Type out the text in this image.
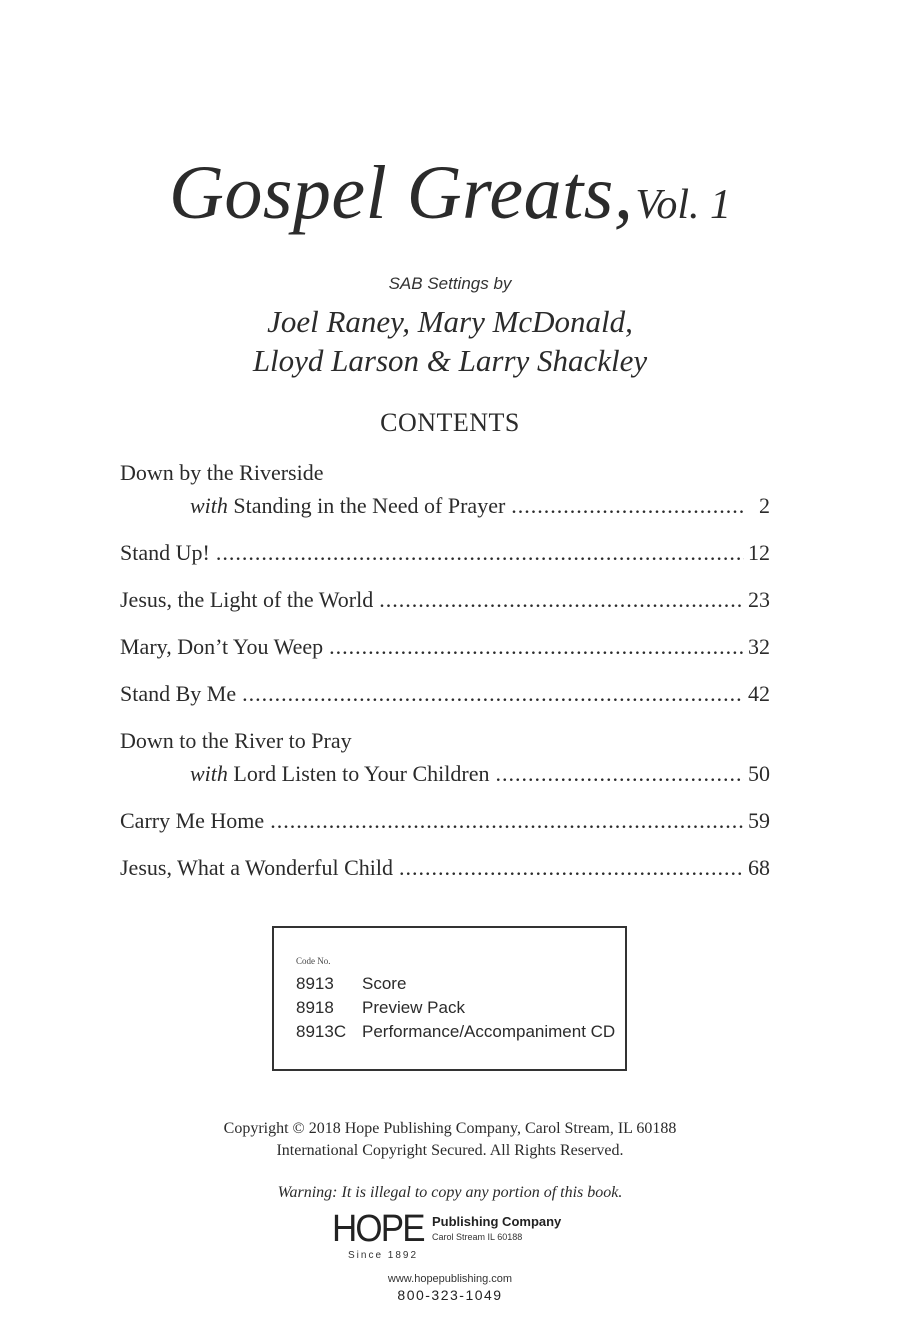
Gospel Greats,Vol. 1
SAB Settings by
Joel Raney, Mary McDonald,
Lloyd Larson & Larry Shackley
CONTENTS
Down by the Riverside
with
Standing in the Need of Prayer .....	2
Stand Up! .....	12
Jesus, the Light of the World .....	23
Mary, Don’t You Weep .....	32
Stand By Me .....	42
Down to the River to Pray
with
Lord Listen to Your Children .....	50
Carry Me Home .....	59
Jesus, What a Wonderful Child .....	68
Code No.
8913	Score
8918	Preview Pack
8913C Performance/Accompaniment CD
Copyright © 2018 Hope Publishing Company, Carol Stream, IL 60188
International Copyright Secured. All Rights Reserved.
Warning: It is illegal to copy any portion of this book.
HOPE Publishing Company
Carol Stream IL 60188
Since 1892
www.hopepublishing.com
800-323-1049
